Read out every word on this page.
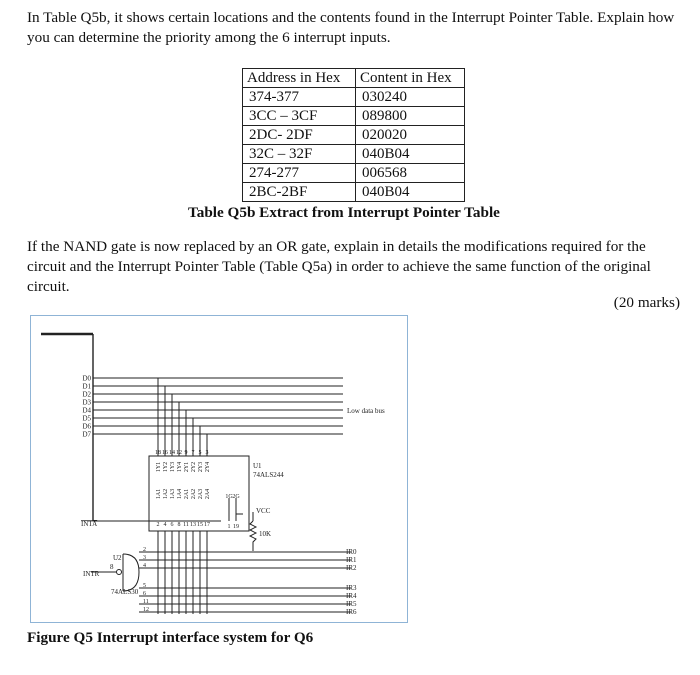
In Table Q5b, it shows certain locations and the contents found in the Interrupt Pointer Table. Explain how you can determine the priority among the 6 interrupt inputs.
Address in Hex	Content in Hex
374-377	030240
3CC – 3CF	089800
2DC- 2DF	020020
32C – 32F	040B04
274-277	006568
2BC-2BF	040B04
Table Q5b Extract from Interrupt Pointer Table
If the NAND gate is now replaced by an OR gate, explain in details the modifications required for the circuit and the Interrupt Pointer Table (Table Q5a) in order to achieve the same function of the original circuit.
(20 marks)
U1
74ALS244
Low data bus
INTA
INTR
VCC
10K
U2
74ALS30
8
IR0
IR1
IR2
IR3
IR4
IR5
IR6
D0
D1
D2
D3
D4
D5
D6
D7
18 16 14 12 9 7 5 3
1Y1 1Y2 1Y3 1Y4 2Y1 2Y2 2Y3 2Y4
1A1 1A2 1A3 1A4 2A1 2A2 2A3 2A4
2 4 6 8 11 13 15 17
1G 2G
1 19
2
3
4
5
6
11
12
Figure Q5 Interrupt interface system for Q6
